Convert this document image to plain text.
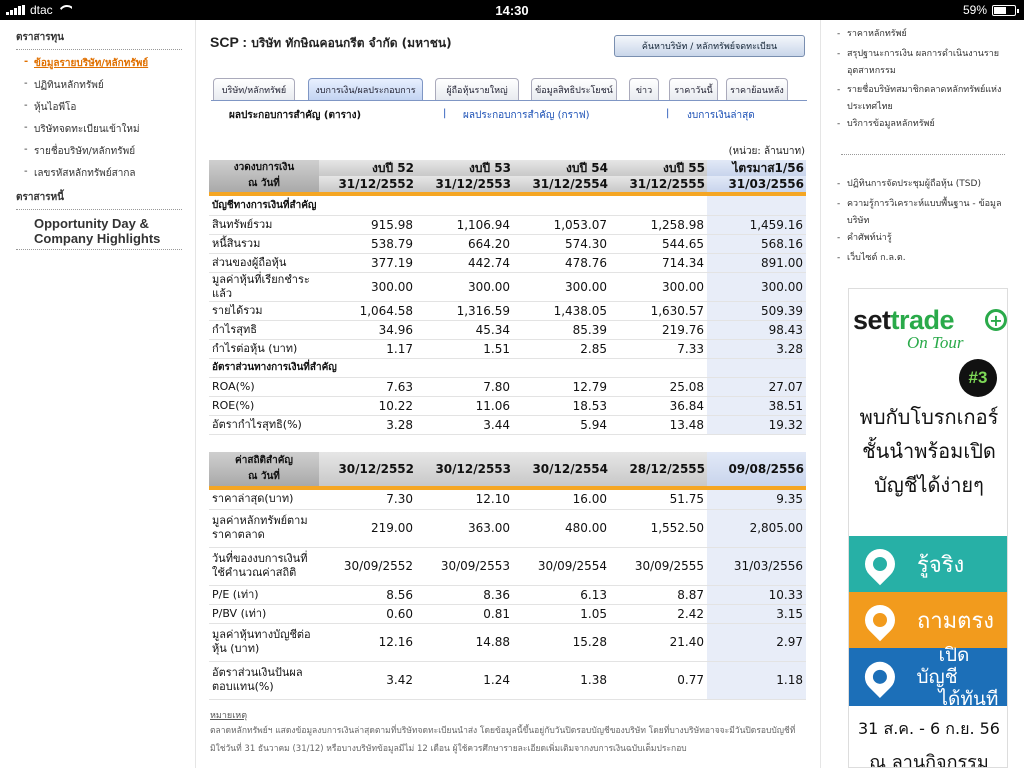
dtac	14:30	59%
ตราสารทุน
- ข้อมูลรายบริษัท/หลักทรัพย์
- ปฏิทินหลักทรัพย์
- หุ้นไอพีโอ
- บริษัทจดทะเบียนเข้าใหม่
- รายชื่อบริษัท/หลักทรัพย์
- เลขรหัสหลักทรัพย์สากล
ตราสารหนี้
Opportunity Day & Company Highlights
SCP : บริษัท ทักษิณคอนกรีต จำกัด (มหาชน)	ค้นหาบริษัท / หลักทรัพย์จดทะเบียน
บริษัท/หลักทรัพย์	งบการเงิน/ผลประกอบการ	ผู้ถือหุ้นรายใหญ่	ข้อมูลสิทธิประโยชน์	ข่าว	ราคาวันนี้	ราคาย้อนหลัง
ผลประกอบการสำคัญ (ตาราง)	| ผลประกอบการสำคัญ (กราฟ)	| งบการเงินล่าสุด
(หน่วย: ล้านบาท)
งวดงบการเงิน
ณ วันที่	งบปี 52	งบปี 53	งบปี 54	งบปี 55	ไตรมาส1/56
	31/12/2552	31/12/2553	31/12/2554	31/12/2555	31/03/2556

บัญชีทางการเงินที่สำคัญ					
สินทรัพย์รวม	915.98	1,106.94	1,053.07	1,258.98	1,459.16
หนี้สินรวม	538.79	664.20	574.30	544.65	568.16
ส่วนของผู้ถือหุ้น	377.19	442.74	478.76	714.34	891.00
มูลค่าหุ้นที่เรียกชำระแล้ว	300.00	300.00	300.00	300.00	300.00
รายได้รวม	1,064.58	1,316.59	1,438.05	1,630.57	509.39
กำไรสุทธิ	34.96	45.34	85.39	219.76	98.43
กำไรต่อหุ้น (บาท)	1.17	1.51	2.85	7.33	3.28
อัตราส่วนทางการเงินที่สำคัญ					
ROA(%)	7.63	7.80	12.79	25.08	27.07
ROE(%)	10.22	11.06	18.53	36.84	38.51
อัตรากำไรสุทธิ(%)	3.28	3.44	5.94	13.48	19.32
ค่าสถิติสำคัญ
ณ วันที่	30/12/2552	30/12/2553	30/12/2554	28/12/2555	09/08/2556

ราคาล่าสุด(บาท)	7.30	12.10	16.00	51.75	9.35
มูลค่าหลักทรัพย์ตามราคาตลาด	219.00	363.00	480.00	1,552.50	2,805.00
วันที่ของงบการเงินที่ใช้คำนวณค่าสถิติ	30/09/2552	30/09/2553	30/09/2554	30/09/2555	31/03/2556
P/E (เท่า)	8.56	8.36	6.13	8.87	10.33
P/BV (เท่า)	0.60	0.81	1.05	2.42	3.15
มูลค่าหุ้นทางบัญชีต่อหุ้น (บาท)	12.16	14.88	15.28	21.40	2.97
อัตราส่วนเงินปันผลตอบแทน(%)	3.42	1.24	1.38	0.77	1.18
หมายเหตุ
ตลาดหลักทรัพย์ฯ แสดงข้อมูลงบการเงินล่าสุดตามที่บริษัทจดทะเบียนนำส่ง โดยข้อมูลนี้ขึ้นอยู่กับวันปิดรอบบัญชีของบริษัท โดยที่บางบริษัทอาจจะมีวันปิดรอบบัญชีที่มิใช่วันที่ 31 ธันวาคม (31/12) หรือบางบริษัทข้อมูลมีไม่ 12 เดือน ผู้ใช้ควรศึกษารายละเอียดเพิ่มเติมจากงบการเงินฉบับเต็มประกอบ
- ราคาหลักทรัพย์
- สรุปฐานะการเงิน ผลการดำเนินงานรายอุตสาหกรรม
- รายชื่อบริษัทสมาชิกตลาดหลักทรัพย์แห่งประเทศไทย
- บริการข้อมูลหลักทรัพย์
- ปฏิทินการจัดประชุมผู้ถือหุ้น (TSD)
- ความรู้การวิเคราะห์แบบพื้นฐาน - ข้อมูลบริษัท
- คำศัพท์น่ารู้
- เว็บไซต์ ก.ล.ต.
settrade +
On Tour
#3
พบกับโบรกเกอร์
ชั้นนำพร้อมเปิด
บัญชีได้ง่ายๆ
รู้จริง
ถามตรง
เปิดบัญชี
ได้ทันที
31 ส.ค. - 6 ก.ย. 56
ณ ลานกิจกรรม
